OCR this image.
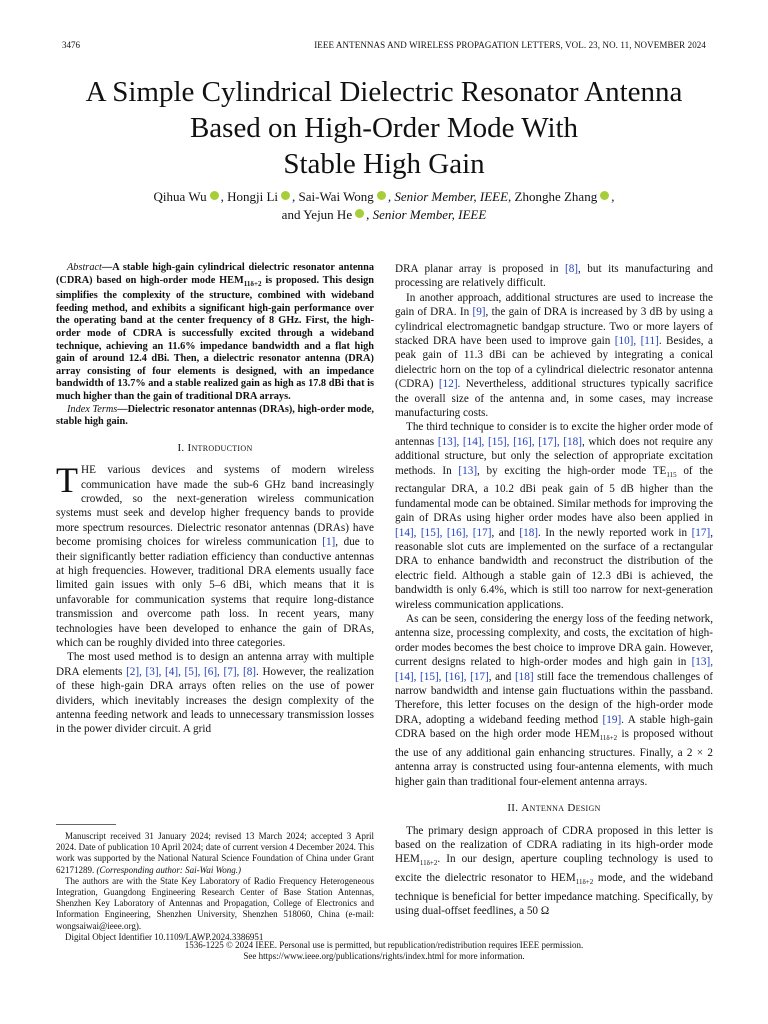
3476	IEEE ANTENNAS AND WIRELESS PROPAGATION LETTERS, VOL. 23, NO. 11, NOVEMBER 2024
A Simple Cylindrical Dielectric Resonator Antenna
Based on High-Order Mode With
Stable High Gain
Qihua Wu , Hongji Li , Sai-Wai Wong , Senior Member, IEEE, Zhonghe Zhang ,
and Yejun He , Senior Member, IEEE

Abstract—A stable high-gain cylindrical dielectric resonator antenna (CDRA) based on high-order mode $HEM_{11\delta+2}$ is proposed. This design simplifies the complexity of the structure, combined with wideband feeding method, and exhibits a significant high-gain performance over the operating band at the center frequency of 8 GHz. First, the high-order mode of CDRA is successfully excited through a wideband technique, achieving an 11.6% impedance bandwidth and a flat high gain of around 12.4 dBi. Then, a dielectric resonator antenna (DRA) array consisting of four elements is designed, with an impedance bandwidth of 13.7% and a stable realized gain as high as 17.8 dBi that is much higher than the gain of traditional DRA arrays.

Index Terms—Dielectric resonator antennas (DRAs), high-order mode, stable high gain.

I. Introduction

THE various devices and systems of modern wireless communication have made the sub-6 GHz band increasingly crowded, so the next-generation wireless communication systems must seek and develop higher frequency bands to provide more spectrum resources. Dielectric resonator antennas (DRAs) have become promising choices for wireless communication [1], due to their significantly better radiation efficiency than conductive antennas at high frequencies. However, traditional DRA elements usually face limited gain issues with only 5–6 dBi, which means that it is unfavorable for communication systems that require long-distance transmission and overcome path loss. In recent years, many technologies have been developed to enhance the gain of DRAs, which can be roughly divided into three categories.

The most used method is to design an antenna array with multiple DRA elements [2], [3], [4], [5], [6], [7], [8]. However, the realization of these high-gain DRA arrays often relies on the use of power dividers, which inevitably increases the design complexity of the antenna feeding network and leads to unnecessary transmission losses in the power divider circuit. A grid

DRA planar array is proposed in [8], but its manufacturing and processing are relatively difficult.

In another approach, additional structures are used to increase the gain of DRA. In [9], the gain of DRA is increased by 3 dB by using a cylindrical electromagnetic bandgap structure. Two or more layers of stacked DRA have been used to improve gain [10], [11]. Besides, a peak gain of 11.3 dBi can be achieved by integrating a conical dielectric horn on the top of a cylindrical dielectric resonator antenna (CDRA) [12]. Nevertheless, additional structures typically sacrifice the overall size of the antenna and, in some cases, may increase manufacturing costs.

The third technique to consider is to excite the higher order mode of antennas [13], [14], [15], [16], [17], [18], which does not require any additional structure, but only the selection of appropriate excitation methods. In [13], by exciting the high-order mode $TE_{115}$ of the rectangular DRA, a 10.2 dBi peak gain of 5 dB higher than the fundamental mode can be obtained. Similar methods for improving the gain of DRAs using higher order modes have also been applied in [14], [15], [16], [17], and [18]. In the newly reported work in [17], reasonable slot cuts are implemented on the surface of a rectangular DRA to enhance bandwidth and reconstruct the distribution of the electric field. Although a stable gain of 12.3 dBi is achieved, the bandwidth is only 6.4%, which is still too narrow for next-generation wireless communication applications.

As can be seen, considering the energy loss of the feeding network, antenna size, processing complexity, and costs, the excitation of high-order modes becomes the best choice to improve DRA gain. However, current designs related to high-order modes and high gain in [13], [14], [15], [16], [17], and [18] still face the tremendous challenges of narrow bandwidth and intense gain fluctuations within the passband. Therefore, this letter focuses on the design of the high-order mode DRA, adopting a wideband feeding method [19]. A stable high-gain CDRA based on the high order mode $HEM_{11\delta+2}$ is proposed without the use of any additional gain enhancing structures. Finally, a 2 × 2 antenna array is constructed using four-antenna elements, with much higher gain than traditional four-element antenna arrays.

II. Antenna Design

The primary design approach of CDRA proposed in this letter is based on the realization of CDRA radiating in its high-order mode $HEM_{11\delta+2}$. In our design, aperture coupling technology is used to excite the dielectric resonator to $HEM_{11\delta+2}$ mode, and the wideband technique is beneficial for better impedance matching. Specifically, by using dual-offset feedlines, a 50 Ω

Manuscript received 31 January 2024; revised 13 March 2024; accepted 3 April 2024. Date of publication 10 April 2024; date of current version 4 December 2024. This work was supported by the National Natural Science Foundation of China under Grant 62171289. (Corresponding author: Sai-Wai Wong.)

The authors are with the State Key Laboratory of Radio Frequency Heterogeneous Integration, Guangdong Engineering Research Center of Base Station Antennas, Shenzhen Key Laboratory of Antennas and Propagation, College of Electronics and Information Engineering, Shenzhen University, Shenzhen 518060, China (e-mail: wongsaiwai@ieee.org).

Digital Object Identifier 10.1109/LAWP.2024.3386951

1536-1225 © 2024 IEEE. Personal use is permitted, but republication/redistribution requires IEEE permission.
See https://www.ieee.org/publications/rights/index.html for more information.
